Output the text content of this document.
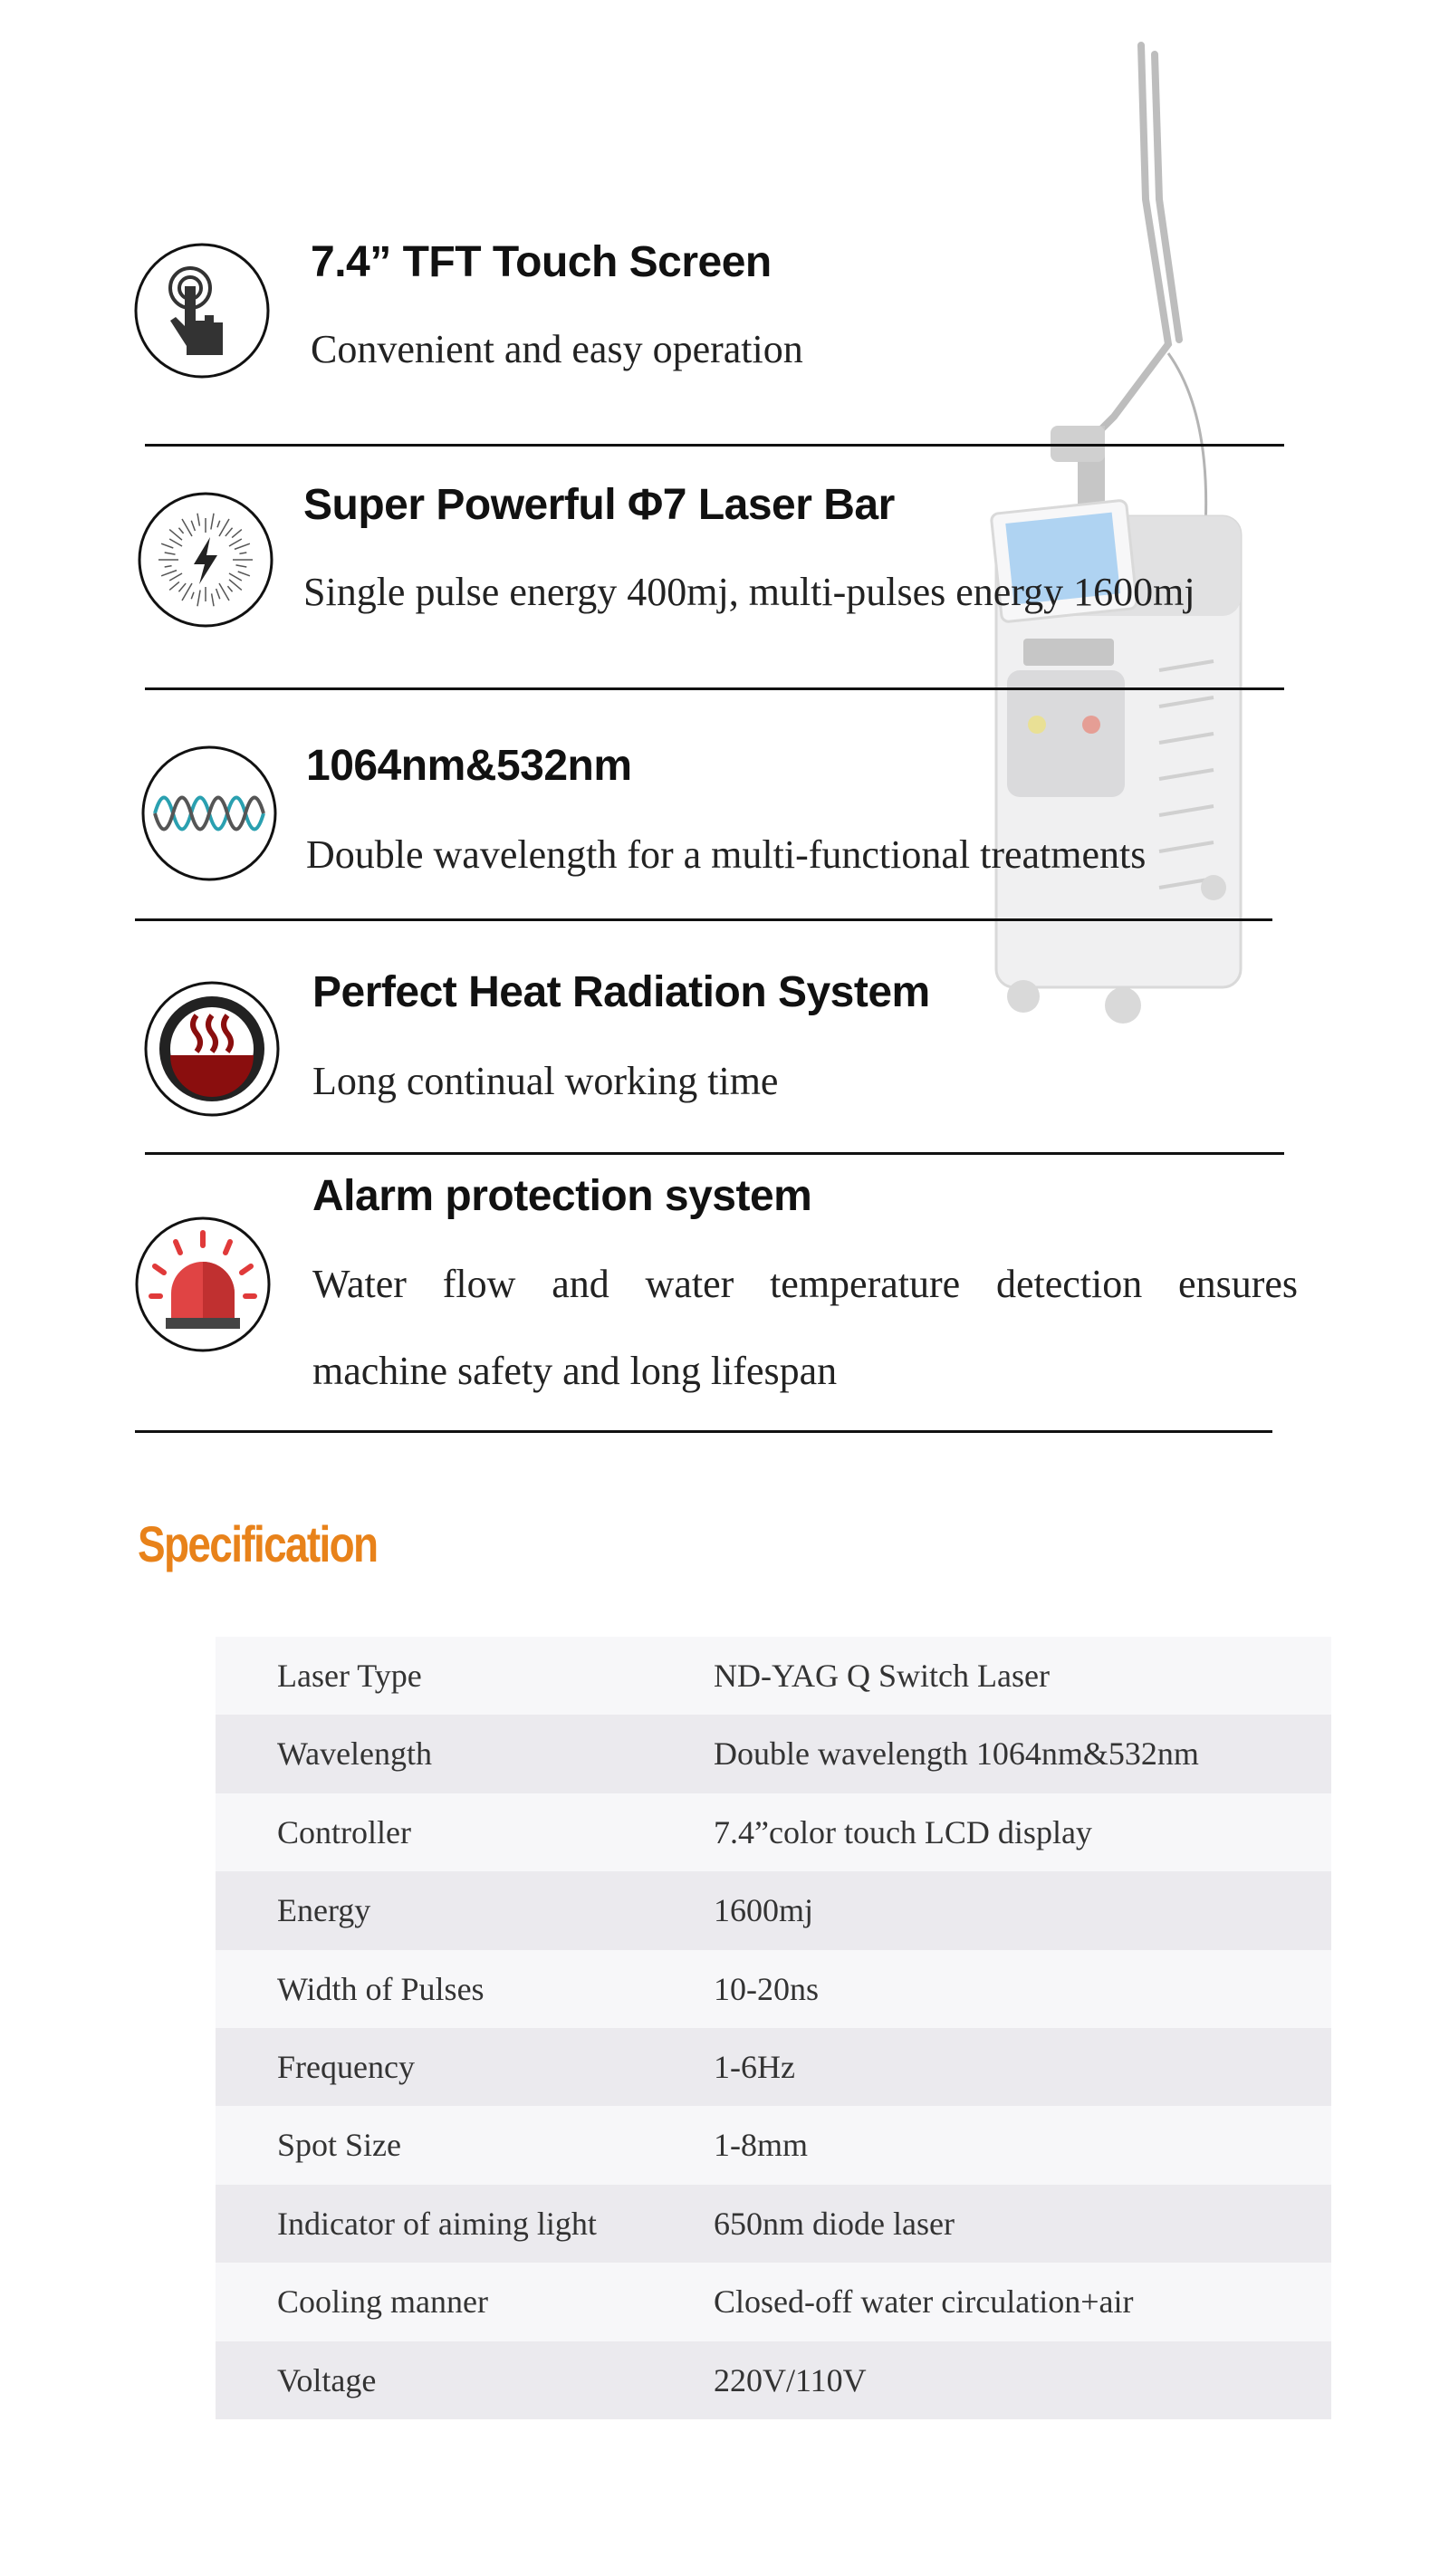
7.4” TFT Touch Screen
Convenient and easy operation
Super Powerful Φ7 Laser Bar
Single pulse energy 400mj, multi-pulses energy 1600mj
1064nm&532nm
Double wavelength for a multi-functional treatments
Perfect Heat Radiation System
Long continual working time
Alarm protection system
Water flow and water temperature detection ensures
machine safety and long lifespan
Specification
Laser Type	ND-YAG Q Switch Laser
Wavelength	Double wavelength 1064nm&532nm
Controller	7.4”color touch LCD display
Energy	1600mj
Width of Pulses	10-20ns
Frequency	1-6Hz
Spot Size	1-8mm
Indicator of aiming light	650nm diode laser
Cooling manner	Closed-off water circulation+air
Voltage	220V/110V
